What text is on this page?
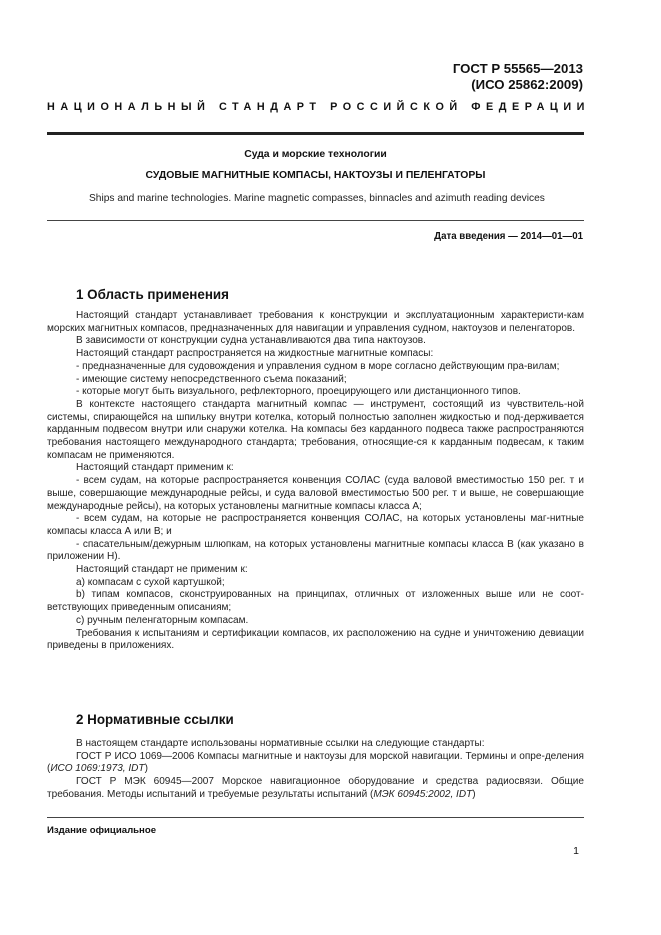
ГОСТ Р 55565—2013
(ИСО 25862:2009)
НАЦИОНАЛЬНЫЙ СТАНДАРТ РОССИЙСКОЙ ФЕДЕРАЦИИ
Суда и морские технологии
СУДОВЫЕ МАГНИТНЫЕ КОМПАСЫ, НАКТОУЗЫ И ПЕЛЕНГАТОРЫ
Ships and marine technologies. Marine magnetic compasses, binnacles and azimuth reading devices
Дата введения — 2014—01—01
1 Область применения

Настоящий стандарт устанавливает требования к конструкции и эксплуатационным характеристи-кам морских магнитных компасов, предназначенных для навигации и управления судном, нактоузов и пеленгаторов.

В зависимости от конструкции судна устанавливаются два типа нактоузов.

Настоящий стандарт распространяется на жидкостные магнитные компасы:

- предназначенные для судовождения и управления судном в море согласно действующим пра-вилам;

- имеющие систему непосредственного съема показаний;

- которые могут быть визуального, рефлекторного, проецирующего или дистанционного типов.

В контексте настоящего стандарта магнитный компас — инструмент, состоящий из чувствитель-ной системы, спирающейся на шпильку внутри котелка, который полностью заполнен жидкостью и под-держивается карданным подвесом внутри или снаружи котелка. На компасы без карданного подвеса также распространяются требования настоящего международного стандарта; требования, относящие-ся к карданным подвесам, к таким компасам не применяются.

Настоящий стандарт применим к:

- всем судам, на которые распространяется конвенция СОЛАС (суда валовой вместимостью 150 рег. т и выше, совершающие международные рейсы, и суда валовой вместимостью 500 рег. т и выше, не совершающие международные рейсы), на которых установлены магнитные компасы класса А;

- всем судам, на которые не распространяется конвенция СОЛАС, на которых установлены маг-нитные компасы класса А или В; и

- спасательным/дежурным шлюпкам, на которых установлены магнитные компасы класса В (как указано в приложении Н).

Настоящий стандарт не применим к:

а) компасам с сухой картушкой;

b) типам компасов, сконструированных на принципах, отличных от изложенных выше или не соот-ветствующих приведенным описаниям;

с) ручным пеленгаторным компасам.

Требования к испытаниям и сертификации компасов, их расположению на судне и уничтожению девиации приведены в приложениях.

2 Нормативные ссылки

В настоящем стандарте использованы нормативные ссылки на следующие стандарты:

ГОСТ Р ИСО 1069—2006 Компасы магнитные и нактоузы для морской навигации. Термины и опре-деления (ИСО 1069:1973, IDT)

ГОСТ Р МЭК 60945—2007 Морское навигационное оборудование и средства радиосвязи. Общие требования. Методы испытаний и требуемые результаты испытаний (МЭК 60945:2002, IDT)

Издание официальное
1
